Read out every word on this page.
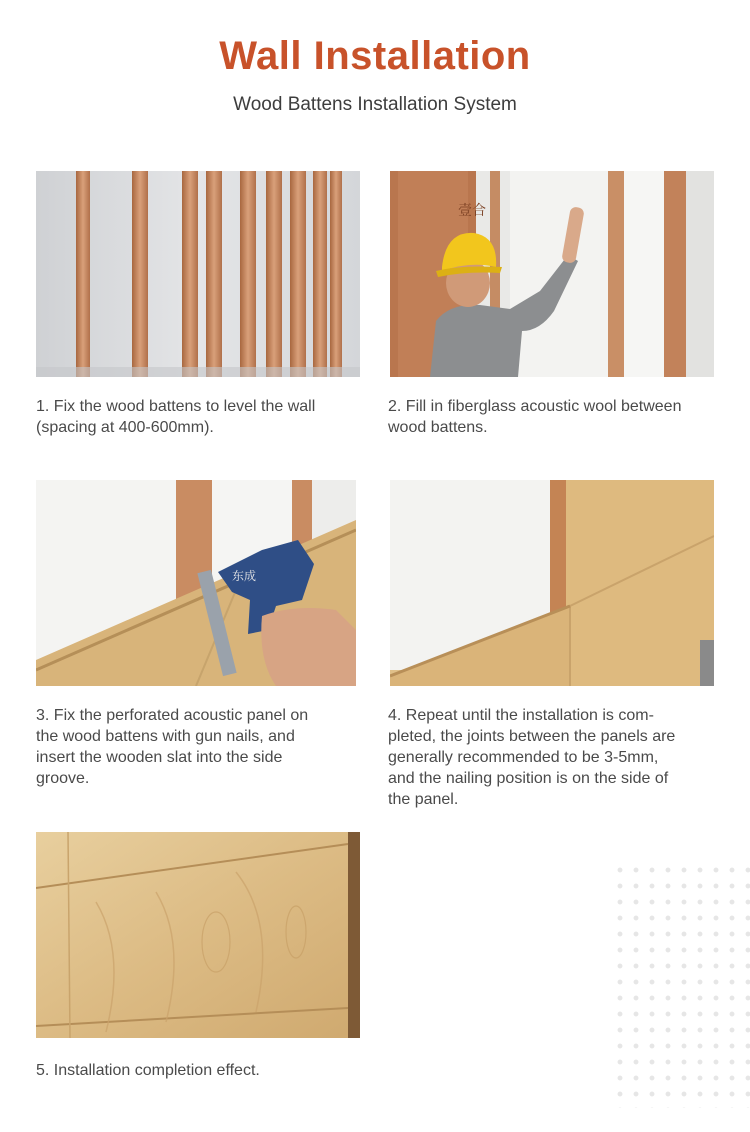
Wall Installation
Wood Battens Installation System
1. Fix the wood battens to level the wall
(spacing at 400-600mm).
壹合
2. Fill in fiberglass acoustic wool between
wood battens.
东成
3. Fix the perforated acoustic panel on
the wood battens with gun nails, and
insert the wooden slat into the side
groove.
4. Repeat until the installation is com-
pleted, the joints between the panels are
generally recommended to be 3-5mm,
and the nailing position is on the side of
the panel.
5. Installation completion effect.
